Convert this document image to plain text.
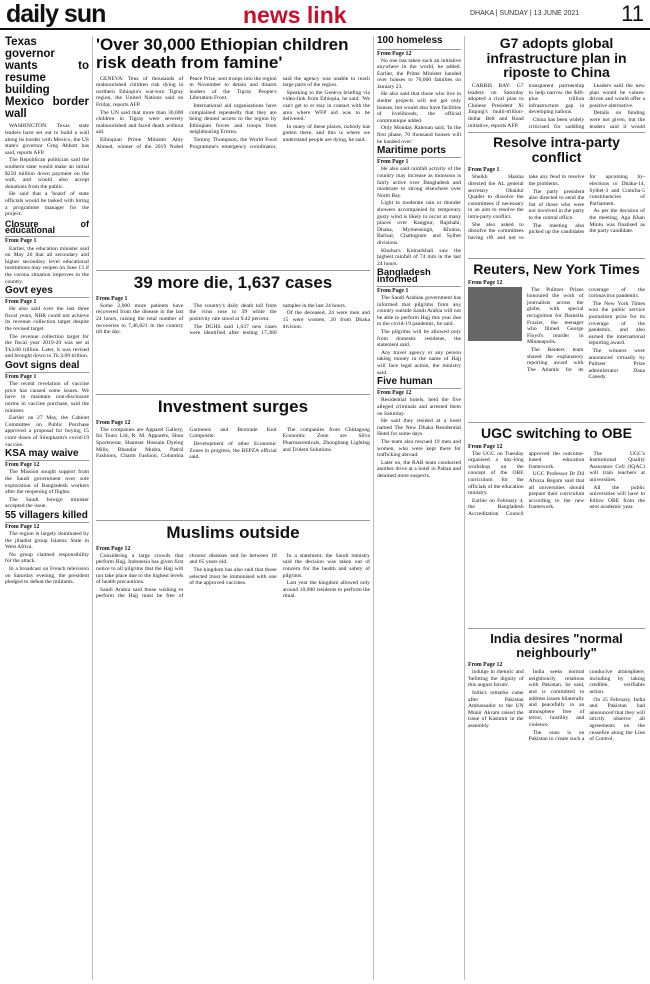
daily sun	news link	DHAKA | SUNDAY | 13 JUNE 2021 11
Texas governor wants to resume building Mexico border wall

WASHINGTON: Texas state leaders have set out to build a wall along its border with Mexico, the US state's governor Greg Abbott has said, reports AFP.

The Republican politician said the southern state would make an initial $250 million down payment on the wall, and would also accept donations from the public.

He said that a 'board' of state officials would be tasked with hiring a programme manager for the project.

Closure of educational
From Page 1

Earlier, the education minister said on May 26 that all secondary and higher secondary level educational institutions may reopen on June 13 if the corona situation improves in the country.

Govt eyes
From Page 1

He also said over the last three fiscal years, NBR could not achieve its revenue collection target despite the revised target.

The revenue collection target for the fiscal year 2019-20 was set at Tk3.00 trillion. Later, it was revised and brought down to Tk 3.00 trillion.

Govt signs deal
From Page 1

The recent revelation of vaccine price has caused some issues. We have to maintain non-disclosure norms in vaccine purchase, said the minister.

Earlier on 27 May, the Cabinet Committee on Public Purchase approved a proposal for buying 15 crore doses of Sinopharm's covid-19 vaccine.

KSA may waive
From Page 12

The Mission sought support from the Saudi government over sole exploration of Bangladesh workers after the reopening of flights.

The Saudi foreign minister accepted the issue.

55 villagers killed
From Page 12

The region is largely dominated by the jihadist group Islamic State in West Africa.

No group claimed responsibility for the attack.

In a broadcast on French television on Saturday evening, the president pledged to defeat the militants.

'Over 30,000 Ethiopian children risk death from famine'

GENEVA: Tens of thousands of malnourished children risk dying in northern Ethiopia's war-torn Tigray region, the United Nations said on Friday, reports AFP.

The UN said that more than 30,000 children in Tigray were severely malnourished and faced death without aid.

Ethiopian Prime Minister Abiy Ahmed, winner of the 2019 Nobel Peace Prize, sent troops into the region in November to detain and disarm leaders of the Tigray People's Liberation Front.

International aid organisations have complained repeatedly that they are being denied access to the region by Ethiopian forces and troops from neighbouring Eritrea.

Tommy Thompson, the World Food Programme's emergency coordinator, said the agency was unable to reach large parts of the region.

Speaking to the Geneva briefing via video-link from Ethiopia, he said: 'We can't get to or stay in contact with the area where WFP aid was to be delivered.'

In many of these places, nobody has gotten there, and this is where we understand people are dying, he said.

39 more die, 1,637 cases
From Page 1

Some 2,000 more patients have recovered from the disease in the last 24 hours, raising the total number of recoveries to 7,46,821 in the country till the day.

The country's daily death toll from the virus rose to 39 while the positivity rate stood at 9.42 percent.

The DGHS said 1,637 new cases were identified after testing 17,380 samples in the last 24 hours.

Of the deceased, 24 were men and 15 were women, 20 from Dhaka division.

Investment surges
From Page 12

The companies are Apparel Gallery, Ini Tours Ltd, R. M. Apparels, Shun Sportswear, Shamser Hossain Dyeing Mills, Bhandar Mudra, Patrol Fashions, Charm Fashion, Columbia Garments and Bextrade Knit Composite.

Development of other Economic Zones in progress, the BEPZA official said.

The companies from Chittagong Economic Zone are Silva Pharmaceuticals, Zhongbang Lighting and Trident Solutions.

Muslims outside
From Page 12

Considering a large crowds that perform Hajj, Indonesia has given first notice to all pilgrims that the Hajj will not take place due to the highest levels of health precautions.

Saudi Arabia said those wishing to perform the Hajj must be free of chronic diseases and be between 18 and 65 years old.

The kingdom has also said that those selected must be immunised with one of the approved vaccines.

In a statement, the Saudi ministry said the decision was taken out of concern for the health and safety of pilgrims.

Last year the kingdom allowed only around 10,000 residents to perform the ritual.

100 homeless
From Page 12

No one has taken such an initiative anywhere in the world, he added. Earlier, the Prime Minister handed over houses to 70,000 families on January 23.

He also said that those who live in shelter projects will not get only houses, but would also have facilities of livelihoods, the official communique added.

Only Monday Rahman said, 'In the first phase, 70 thousand houses will be handed over.'

Maritime ports
From Page 1

He also said rainfall activity of the country may increase as monsoon is fairly active over Bangladesh and moderate to strong elsewhere over North Bay.

Light to moderate rain or thunder showers accompanied by temporary gusty wind is likely to occur at many places over Rangpur, Rajshahi, Dhaka, Mymensingh, Khulna, Barisal, Chattogram and Sylhet divisions.

Khulna's Kumarkhali saw the highest rainfall of 74 mm in the last 24 hours.

Bangladesh informed
From Page 1

The Saudi Arabian government has informed that pilgrims from any country outside Saudi Arabia will not be able to perform Hajj this year due to the covid-19 pandemic, he said.

The pilgrims will be allowed only from domestic residents, the statement said.

Any travel agency or any person taking money in the name of Hajj will face legal action, the ministry said.

Five human
From Page 12

Residential hotels, held the five alleged criminals and arrested them on Saturday.

He said they resided at a hotel named The New Dhaka Residential Hotel for some days.

The team also rescued 19 men and women, who were kept there for trafficking abroad.

Later on, the RAB team conducted another drive at a hotel in Paltan and detained more suspects.

G7 adopts global infrastructure plan in riposte to China

CARBIS BAY: G7 leaders on Saturday adopted a rival plan to Chinese President Xi Jinping's multi-trillion-dollar Belt and Road initiative, reports AFP.

transparent partnership to help narrow the $40-plus trillion infrastructure gap in developing nations.

China has been widely criticised for saddling

Leaders said the new plan would be values-driven and would offer a positive alternative.

Details on funding were not given, but the leaders said it would

Resolve intra-party conflict
From Page 1

Sheikh Hasina directed the AL general secretary Obaidul Quader to dissolve the committees if necessary in an aim to resolve the intra-party conflict.

She also asked to dissolve the committees having rift and not to take any feud to resolve the problems.

The party president also directed to send the list of those who were not involved in the party to the central office.

The meeting also picked up the candidates for upcoming by-elections to Dhaka-14, Sylhet-3 and Cumilla-5 constituencies of Parliament.

As per the decision of the meeting, Aga Khan Mintu was finalised as the party candidate.

Reuters, New York Times
From Page 12

The Pulitzer Prizes honoured the work of journalists across the globe, with special recognition for Darnella Frazier, the teenager who filmed George Floyd's murder in Minneapolis.

The Reuters team shared the explanatory reporting award with The Atlantic for its coverage of the coronavirus pandemic.

The New York Times won the public service journalism prize for its coverage of the pandemic, and also earned the international reporting award.

The winners were announced virtually by Pulitzer Prize administrator Dana Canedy.

UGC switching to OBE
From Page 12

The UGC on Tuesday organised a day-long workshop on the concept of the OBE curriculum for the officials of the education ministry.

Earlier on February 4, the Bangladesh Accreditation Council approved the outcome-based education framework.

UGC Professor Dr Dil Afroza Begum said that all universities should prepare their curriculum according to the new framework.

The UGC's Institutional Quality Assurance Cell (IQAC) will train teachers at universities.

All the public universities will have to follow OBE from the next academic year.

India desires "normal neighbourly"
From Page 12

indulge in rhetoric and 'befitting the dignity of this august forum'.

India's remarks came after Pakistan Ambassador to the UN Munir Akram raised the issue of Kashmir in the assembly.

India seeks normal neighbourly relations with Pakistan, he said, and is committed to address issues bilaterally and peacefully in an atmosphere free of terror, hostility and violence.

The onus is on Pakistan to create such a conducive atmosphere, including by taking credible, verifiable action.

On 25 February, India and Pakistan had announced that they will strictly observe all agreements on the ceasefire along the Line of Control.
